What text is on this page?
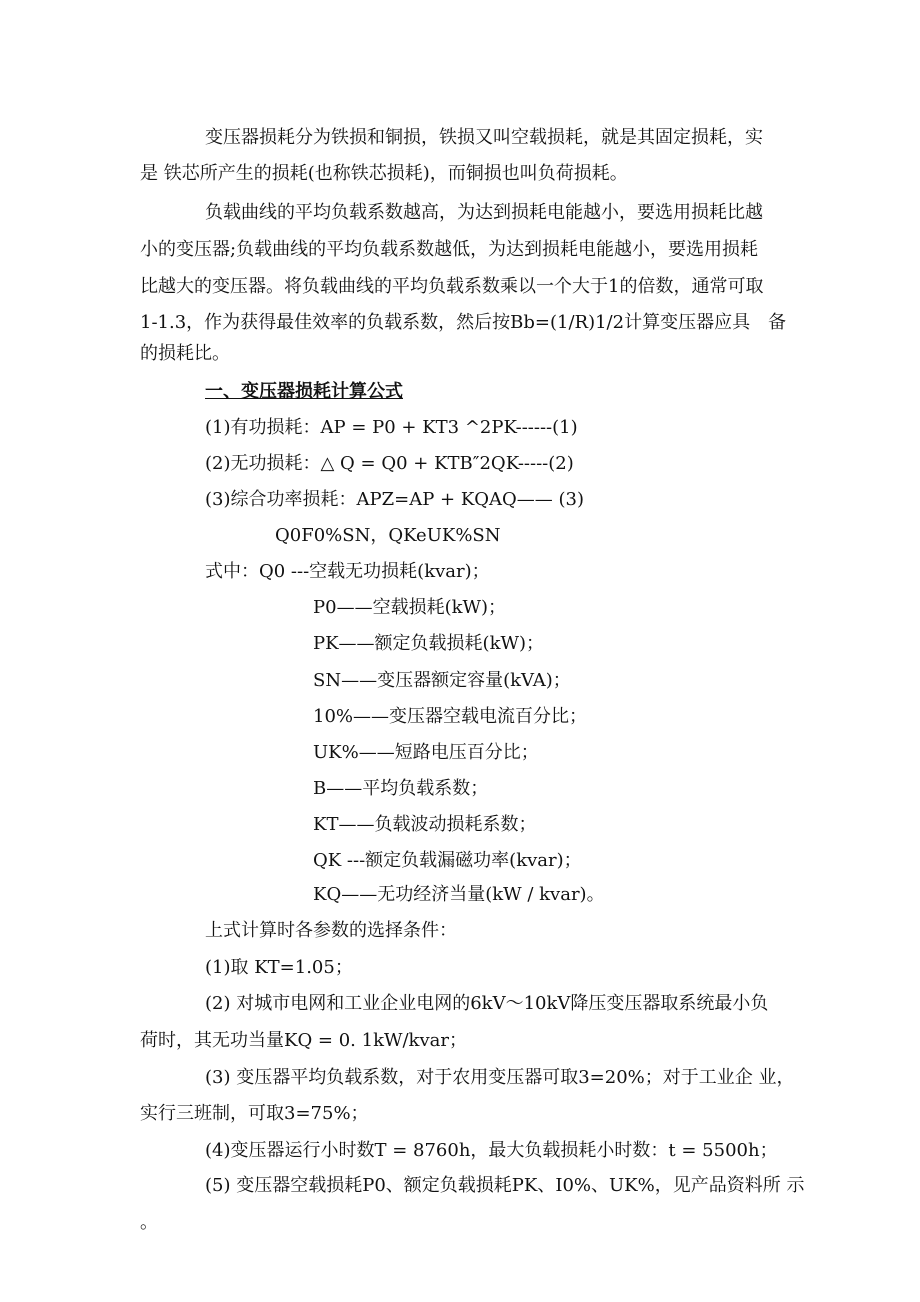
变压器损耗分为铁损和铜损，铁损又叫空载损耗，就是其固定损耗，实
是 铁芯所产生的损耗(也称铁芯损耗)，而铜损也叫负荷损耗。
负载曲线的平均负载系数越高，为达到损耗电能越小，要选用损耗比越
小的变压器;负载曲线的平均负载系数越低，为达到损耗电能越小，要选用损耗
比越大的变压器。将负载曲线的平均负载系数乘以一个大于1的倍数，通常可取
1-1.3，作为获得最佳效率的负载系数，然后按Bb=(1/R)1/2计算变压器应具　备
的损耗比。
一、变压器损耗计算公式
(1)有功损耗：AP = P0 + KT3 ^2PK------(1)
(2)无功损耗：△ Q = Q0 + KTB″2QK-----(2)
(3)综合功率损耗：APZ=AP + KQAQ—— (3)
Q0F0%SN，QKeUK%SN
式中：Q0 ---空载无功损耗(kvar)；
P0——空载损耗(kW)；
PK——额定负载损耗(kW)；
SN——变压器额定容量(kVA)；
10%——变压器空载电流百分比；
UK%——短路电压百分比；
B——平均负载系数；
KT——负载波动损耗系数；
QK ---额定负载漏磁功率(kvar)；
KQ——无功经济当量(kW / kvar)。
上式计算时各参数的选择条件：
(1)取 KT=1.05；
(2) 对城市电网和工业企业电网的6kV〜10kV降压变压器取系统最小负
荷时，其无功当量KQ = 0. 1kW/kvar；
(3) 变压器平均负载系数，对于农用变压器可取3=20%；对于工业企 业，
实行三班制，可取3=75%；
(4)变压器运行小时数T = 8760h，最大负载损耗小时数：t = 5500h；
(5) 变压器空载损耗P0、额定负载损耗PK、I0%、UK%，见产品资料所 示
。
